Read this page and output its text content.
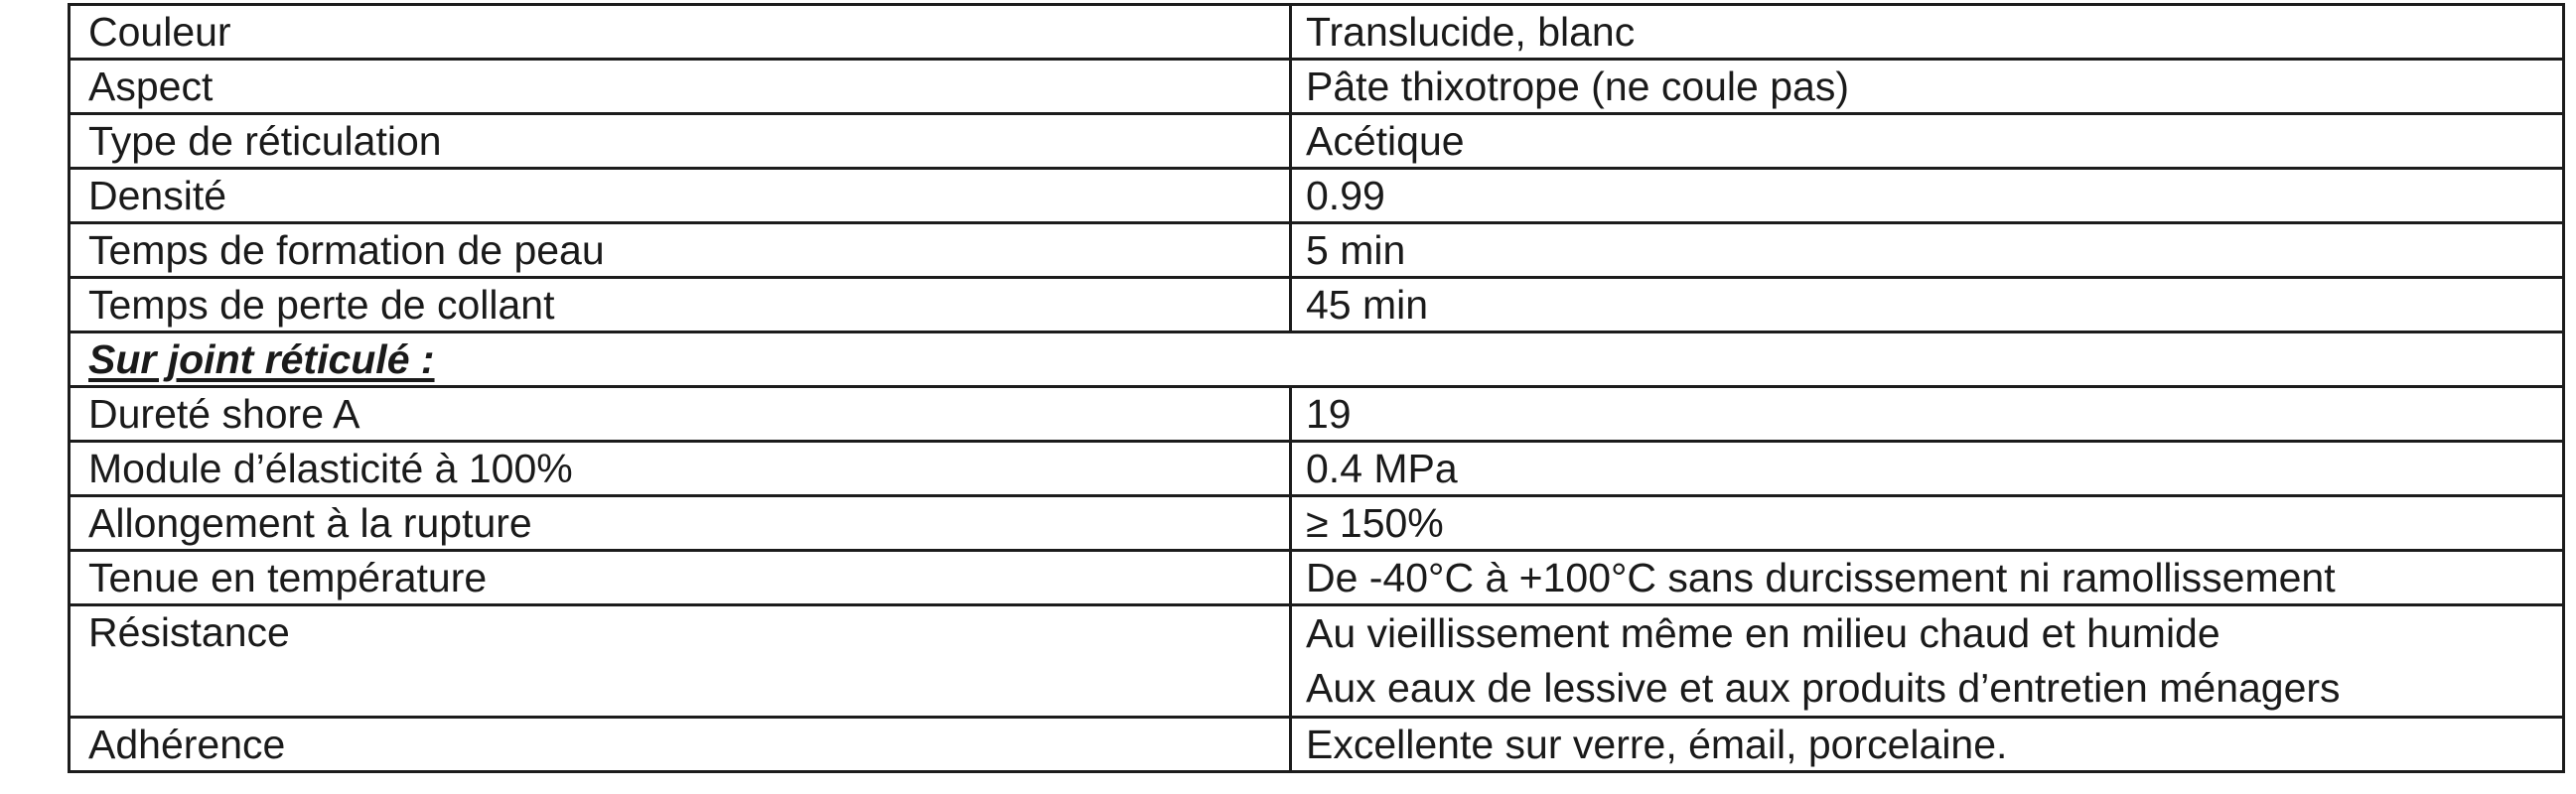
Couleur	Translucide, blanc
Aspect	Pâte thixotrope (ne coule pas)
Type de réticulation	Acétique
Densité	0.99
Temps de formation de peau	5 min
Temps de perte de collant	45 min
Sur joint réticulé :	
Dureté shore A	19
Module d’élasticité à 100%	0.4 MPa
Allongement à la rupture	≥ 150%
Tenue en température	De -40°C à +100°C sans durcissement ni ramollissement
Résistance	Au vieillissement même en milieu chaud et humide
Aux eaux de lessive et aux produits d’entretien ménagers

Adhérence	Excellente sur verre, émail, porcelaine.
